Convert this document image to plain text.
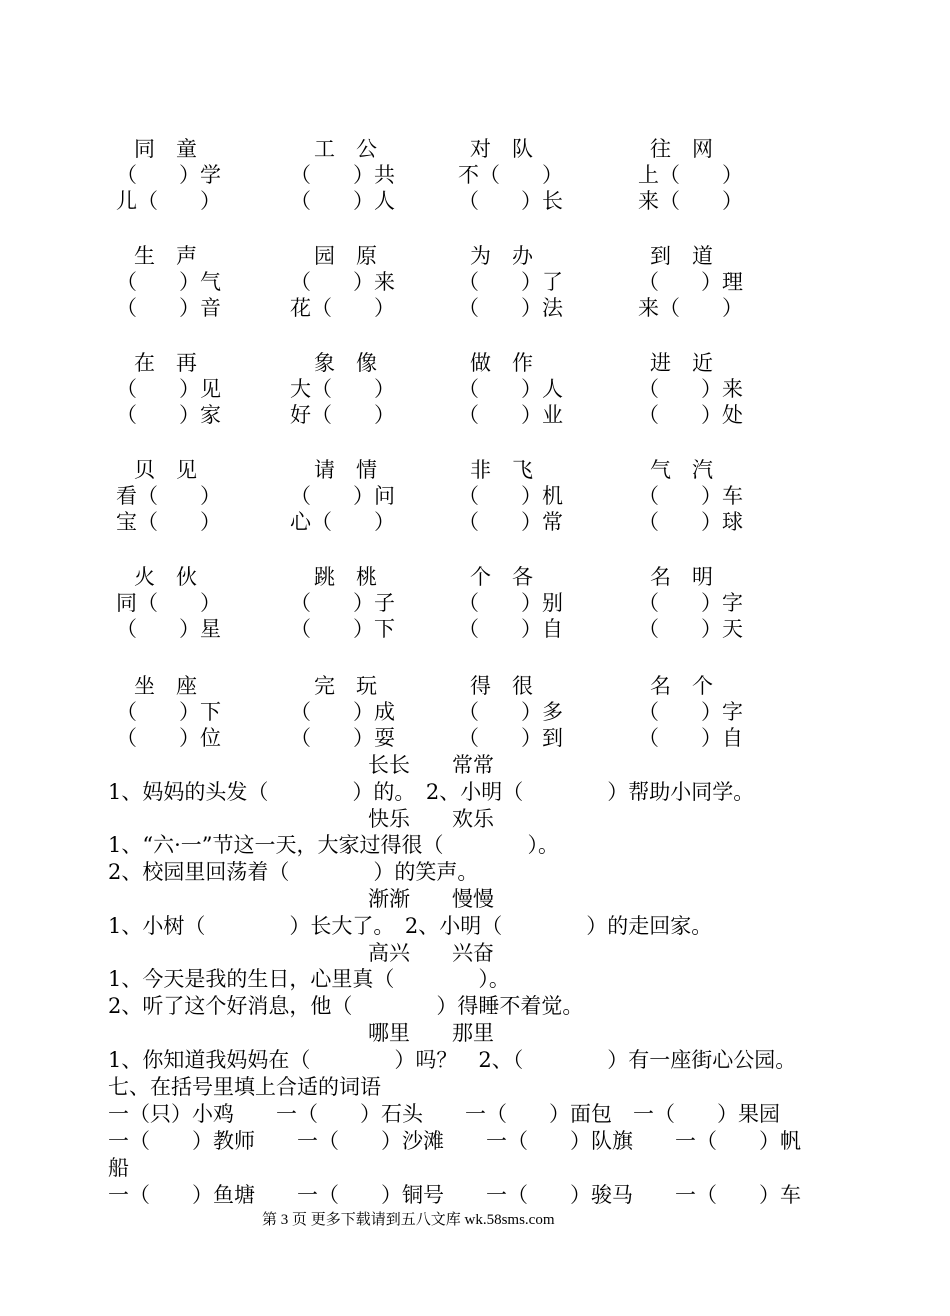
同　童	工　公	对　队	往　网
（　　）学	（　　）共	不（　　）	上（　　）
儿（　　）	（　　）人	（　　）长	来（　　）
生　声	园　原	为　办	到　道
（　　）气	（　　）来	（　　）了	（　　）理
（　　）音	花（　　）	（　　）法	来（　　）
在　再	象　像	做　作	进　近
（　　）见	大（　　）	（　　）人	（　　）来
（　　）家	好（　　）	（　　）业	（　　）处
贝　见	请　情	非　飞	气　汽
看（　　）	（　　）问	（　　）机	（　　）车
宝（　　）	心（　　）	（　　）常	（　　）球
火　伙	跳　桃	个　各	名　明
同（　　）	（　　）子	（　　）别	（　　）字
（　　）星	（　　）下	（　　）自	（　　）天
坐　座	完　玩	得　很	名　个
（　　）下	（　　）成	（　　）多	（　　）字
（　　）位	（　　）耍	（　　）到	（　　）自
长长　　常常
1、妈妈的头发（　　　　）的。　2、小明（　　　　）帮助小同学。
快乐　　欢乐
1、“六·一”节这一天，大家过得很（　　　　）。
2、校园里回荡着（　　　　）的笑声。
渐渐　　慢慢
1、小树（　　　　）长大了。　2、小明（　　　　）的走回家。
高兴　　兴奋
1、今天是我的生日，心里真（　　　　）。
2、听了这个好消息，他（　　　　）得睡不着觉。
哪里　　那里
1、你知道我妈妈在（　　　　）吗？　2、（　　　　）有一座街心公园。
七、在括号里填上合适的词语
一（只）小鸡　　一（　　）石头　　一（　　）面包　一（　　）果园
一（　　）教师　　一（　　）沙滩　　一（　　）队旗　　一（　　）帆
船
一（　　）鱼塘　　一（　　）铜号　　一（　　）骏马　　一（　　）车
第 3 页 更多下载请到五八文库 wk.58sms.com
